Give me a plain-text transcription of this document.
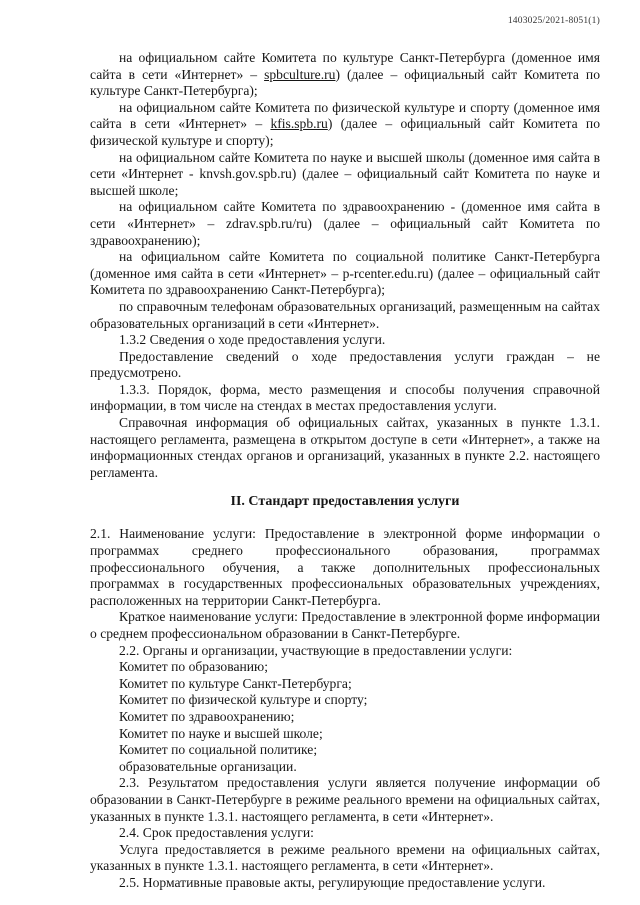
1403025/2021-8051(1)

на официальном сайте Комитета по культуре Санкт-Петербурга (доменное имя сайта в сети «Интернет» – spbculture.ru) (далее – официальный сайт Комитета по культуре Санкт-Петербурга);

на официальном сайте Комитета по физической культуре и спорту (доменное имя сайта в сети «Интернет» – kfis.spb.ru) (далее – официальный сайт Комитета по физической культуре и спорту);

на официальном сайте Комитета по науке и высшей школы (доменное имя сайта в сети «Интернет - knvsh.gov.spb.ru) (далее – официальный сайт Комитета по науке и высшей школе;

на официальном сайте Комитета по здравоохранению - (доменное имя сайта в сети «Интернет» – zdrav.spb.ru/ru) (далее – официальный сайт Комитета по здравоохранению);

на официальном сайте Комитета по социальной политике Санкт-Петербурга (доменное имя сайта в сети «Интернет» – p-rcenter.edu.ru) (далее – официальный сайт Комитета по здравоохранению Санкт-Петербурга);

по справочным телефонам образовательных организаций, размещенным на сайтах образовательных организаций в сети «Интернет».

1.3.2 Сведения о ходе предоставления услуги.

Предоставление сведений о ходе предоставления услуги граждан – не предусмотрено.

1.3.3. Порядок, форма, место размещения и способы получения справочной информации, в том числе на стендах в местах предоставления услуги.

Справочная информация об официальных сайтах, указанных в пункте 1.3.1. настоящего регламента, размещена в открытом доступе в сети «Интернет», а также на информационных стендах органов и организаций, указанных в пункте 2.2. настоящего регламента.

II. Стандарт предоставления услуги

2.1. Наименование услуги: Предоставление в электронной форме информации о программах среднего профессионального образования, программах профессионального обучения, а также дополнительных профессиональных программах в государственных профессиональных образовательных учреждениях, расположенных на территории Санкт-Петербурга.

Краткое наименование услуги: Предоставление в электронной форме информации о среднем профессиональном образовании в Санкт-Петербурге.

2.2. Органы и организации, участвующие в предоставлении услуги:

Комитет по образованию;

Комитет по культуре Санкт-Петербурга;

Комитет по физической культуре и спорту;

Комитет по здравоохранению;

Комитет по науке и высшей школе;

Комитет по социальной политике;

образовательные организации.

2.3. Результатом предоставления услуги является получение информации об образовании в Санкт-Петербурге в режиме реального времени на официальных сайтах, указанных в пункте 1.3.1. настоящего регламента, в сети «Интернет».

2.4. Срок предоставления услуги:

Услуга предоставляется в режиме реального времени на официальных сайтах, указанных в пункте 1.3.1. настоящего регламента, в сети «Интернет».

2.5. Нормативные правовые акты, регулирующие предоставление услуги.
